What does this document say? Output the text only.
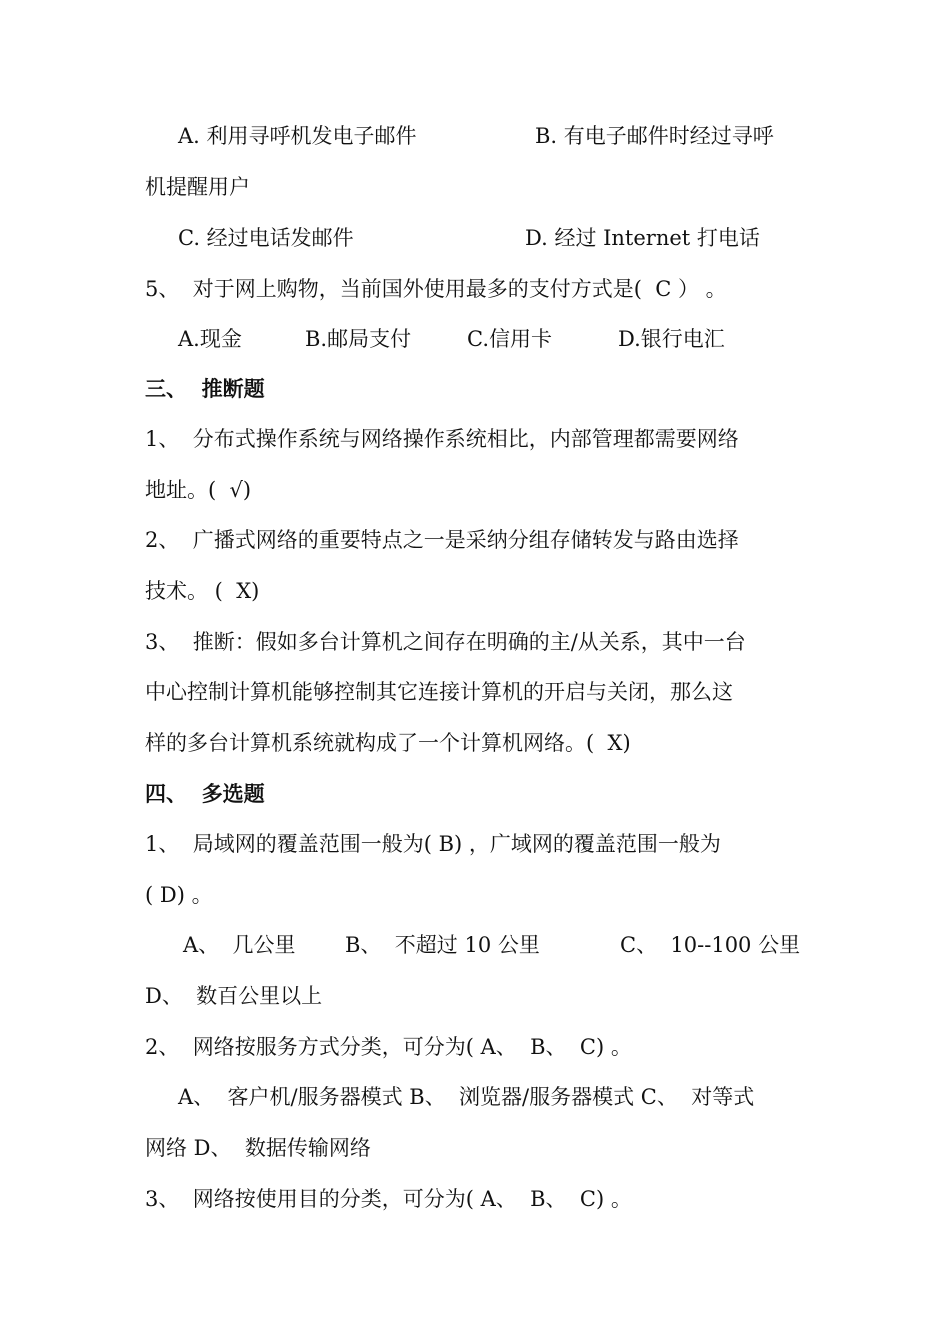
A. 利用寻呼机发电子邮件

	B. 有电子邮件时经过寻呼

机提醒用户

C. 经过电话发邮件

	D. 经过 Internet 打电话

5、  对于网上购物，当前国外使用最多的支付方式是(  C ） 。

A.现金

	B.邮局支付

	C.信用卡

	D.银行电汇

三、  推断题
1、  分布式操作系统与网络操作系统相比，内部管理都需要网络
地址。(  √)
2、  广播式网络的重要特点之一是采纳分组存储转发与路由选择
技术。 (  X)
3、  推断：假如多台计算机之间存在明确的主/从关系，其中一台
中心控制计算机能够控制其它连接计算机的开启与关闭，那么这
样的多台计算机系统就构成了一个计算机网络。(  X)
四、  多选题
1、  局域网的覆盖范围一般为( B) ，广域网的覆盖范围一般为
( D) 。

A、  几公里

B、  不超过 10 公里

	C、  10--100 公里

D、  数百公里以上
2、  网络按服务方式分类，可分为( A、  B、  C) 。
A、  客户机/服务器模式 B、  浏览器/服务器模式 C、  对等式
网络 D、  数据传输网络
3、  网络按使用目的分类，可分为( A、  B、  C) 。
